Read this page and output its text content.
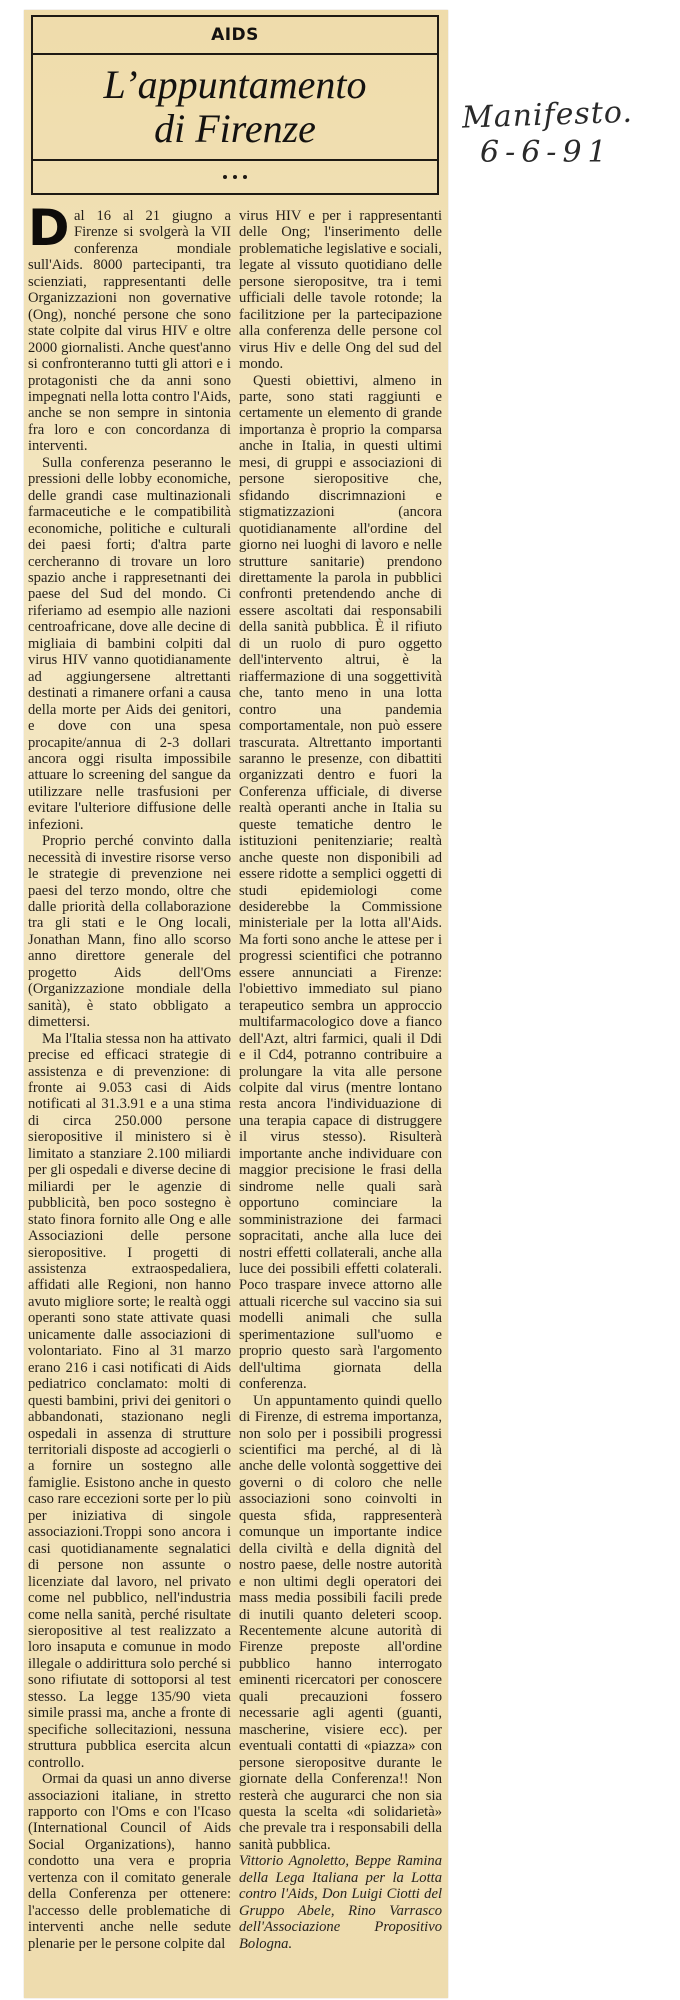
AIDS
L’appuntamento
di Firenze

Dal 16 al 21 giugno a Firenze si svolgerà la VII conferenza mondiale sull'Aids. 8000 partecipanti, tra scienziati, rappresentanti delle Organizzazioni non governative (Ong), nonché persone che sono state colpite dal virus HIV e oltre 2000 giornalisti. Anche quest'anno si confronteranno tutti gli attori e i protagonisti che da anni sono impegnati nella lotta contro l'Aids, anche se non sempre in sintonia fra loro e con concordanza di interventi.

Sulla conferenza peseranno le pressioni delle lobby economiche, delle grandi case multinazionali farmaceutiche e le compatibilità economiche, politiche e culturali dei paesi forti; d'altra parte cercheranno di trovare un loro spazio anche i rappresetnanti dei paese del Sud del mondo. Ci riferiamo ad esempio alle nazioni centroafricane, dove alle decine di migliaia di bambini colpiti dal virus HIV vanno quotidianamente ad aggiungersene altrettanti destinati a rimanere orfani a causa della morte per Aids dei genitori, e dove con una spesa procapite/annua di 2-3 dollari ancora oggi risulta impossibile attuare lo screening del sangue da utilizzare nelle trasfusioni per evitare l'ulteriore diffusione delle infezioni.

Proprio perché convinto dalla necessità di investire risorse verso le strategie di prevenzione nei paesi del terzo mondo, oltre che dalle priorità della collaborazione tra gli stati e le Ong locali, Jonathan Mann, fino allo scorso anno direttore generale del progetto Aids dell'Oms (Organizzazione mondiale della sanità), è stato obbligato a dimettersi.

Ma l'Italia stessa non ha attivato precise ed efficaci strategie di assistenza e di prevenzione: di fronte ai 9.053 casi di Aids notificati al 31.3.91 e a una stima di circa 250.000 persone sieropositive il ministero si è limitato a stanziare 2.100 miliardi per gli ospedali e diverse decine di miliardi per le agenzie di pubblicità, ben poco sostegno è stato finora fornito alle Ong e alle Associazioni delle persone sieropositive. I progetti di assistenza extraospedaliera, affidati alle Regioni, non hanno avuto migliore sorte; le realtà oggi operanti sono state attivate quasi unicamente dalle associazioni di volontariato. Fino al 31 marzo erano 216 i casi notificati di Aids pediatrico conclamato: molti di questi bambini, privi dei genitori o abbandonati, stazionano negli ospedali in assenza di strutture territoriali disposte ad accogierli o a fornire un sostegno alle famiglie. Esistono anche in questo caso rare eccezioni sorte per lo più per iniziativa di singole associazioni.Troppi sono ancora i casi quotidianamente segnalatici di persone non assunte o licenziate dal lavoro, nel privato come nel pubblico, nell'industria come nella sanità, perché risultate sieropositive al test realizzato a loro insaputa e comunue in modo illegale o addirittura solo perché si sono rifiutate di sottoporsi al test stesso. La legge 135/90 vieta simile prassi ma, anche a fronte di specifiche sollecitazioni, nessuna struttura pubblica esercita alcun controllo.

Ormai da quasi un anno diverse associazioni italiane, in stretto rapporto con l'Oms e con l'Icaso (International Council of Aids Social Organizations), hanno condotto una vera e propria vertenza con il comitato generale della Conferenza per ottenere: l'accesso delle problematiche di interventi anche nelle sedute plenarie per le persone colpite dal

virus HIV e per i rappresentanti delle Ong; l'inserimento delle problematiche legislative e sociali, legate al vissuto quotidiano delle persone sieropositve, tra i temi ufficiali delle tavole rotonde; la facilitzione per la partecipazione alla conferenza delle persone col virus Hiv e delle Ong del sud del mondo.

Questi obiettivi, almeno in parte, sono stati raggiunti e certamente un elemento di grande importanza è proprio la comparsa anche in Italia, in questi ultimi mesi, di gruppi e associazioni di persone sieropositive che, sfidando discrimnazioni e stigmatizzazioni (ancora quotidianamente all'ordine del giorno nei luoghi di lavoro e nelle strutture sanitarie) prendono direttamente la parola in pubblici confronti pretendendo anche di essere ascoltati dai responsabili della sanità pubblica. È il rifiuto di un ruolo di puro oggetto dell'intervento altrui, è la riaffermazione di una soggettività che, tanto meno in una lotta contro una pandemia comportamentale, non può essere trascurata. Altrettanto importanti saranno le presenze, con dibattiti organizzati dentro e fuori la Conferenza ufficiale, di diverse realtà operanti anche in Italia su queste tematiche dentro le istituzioni penitenziarie; realtà anche queste non disponibili ad essere ridotte a semplici oggetti di studi epidemiologi come desiderebbe la Commissione ministeriale per la lotta all'Aids. Ma forti sono anche le attese per i progressi scientifici che potranno essere annunciati a Firenze: l'obiettivo immediato sul piano terapeutico sembra un approccio multifarmacologico dove a fianco dell'Azt, altri farmici, quali il Ddi e il Cd4, potranno contribuire a prolungare la vita alle persone colpite dal virus (mentre lontano resta ancora l'individuazione di una terapia capace di distruggere il virus stesso). Risulterà importante anche individuare con maggior precisione le frasi della sindrome nelle quali sarà opportuno cominciare la somministrazione dei farmaci sopracitati, anche alla luce dei nostri effetti collaterali, anche alla luce dei possibili effetti colaterali. Poco traspare invece attorno alle attuali ricerche sul vaccino sia sui modelli animali che sulla sperimentazione sull'uomo e proprio questo sarà l'argomento dell'ultima giornata della conferenza.

Un appuntamento quindi quello di Firenze, di estrema importanza, non solo per i possibili progressi scientifici ma perché, al di là anche delle volontà soggettive dei governi o di coloro che nelle associazioni sono coinvolti in questa sfida, rappresenterà comunque un importante indice della civiltà e della dignità del nostro paese, delle nostre autorità e non ultimi degli operatori dei mass media possibili facili prede di inutili quanto deleteri scoop. Recentemente alcune autorità di Firenze preposte all'ordine pubblico hanno interrogato eminenti ricercatori per conoscere quali precauzioni fossero necessarie agli agenti (guanti, mascherine, visiere ecc). per eventuali contatti di «piazza» con persone sieropositve durante le giornate della Conferenza!! Non resterà che augurarci che non sia questa la scelta «di solidarietà» che prevale tra i responsabili della sanità pubblica.

Vittorio Agnoletto, Beppe Ramina della Lega Italiana per la Lotta contro l'Aids, Don Luigi Ciotti del Gruppo Abele, Rino Varrasco dell'Associazione Propositivo Bologna.

Manifesto.
6-6-91
